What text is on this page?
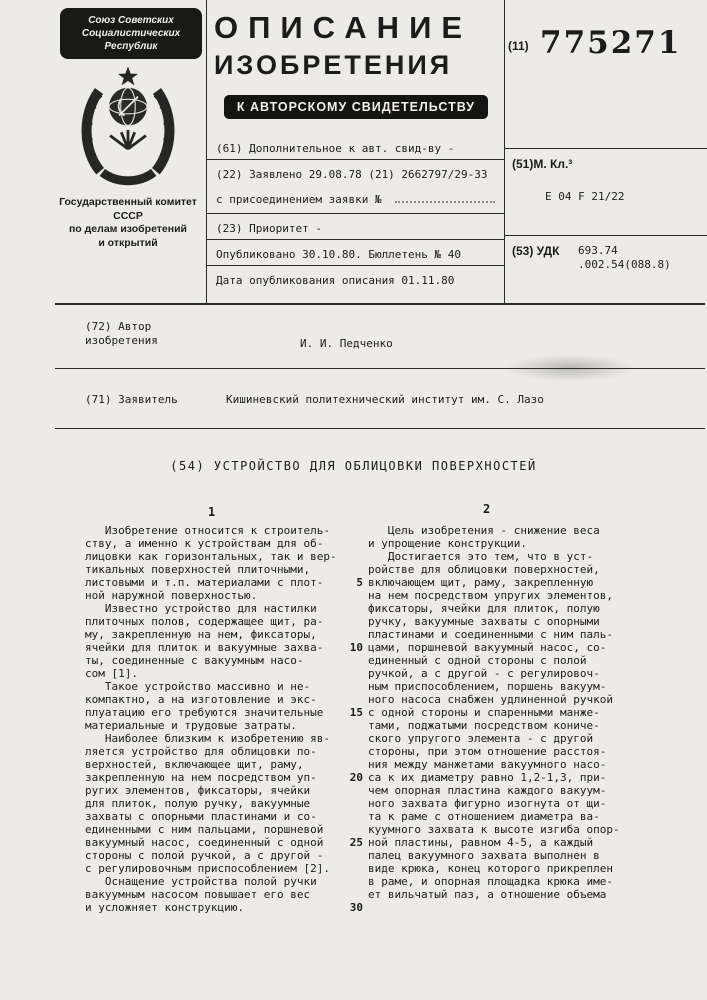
Союз Советских
Социалистических
Республик
Государственный комитет
СССР
по делам изобретений
и открытий
ОПИСАНИЕ
ИЗОБРЕТЕНИЯ
К АВТОРСКОМУ СВИДЕТЕЛЬСТВУ
(11) 775271
(61) Дополнительное к авт. свид-ву -
(22) Заявлено 29.08.78 (21) 2662797/29-33
с присоединением заявки №
(23) Приоритет -
Опубликовано 30.10.80. Бюллетень № 40
Дата опубликования описания 01.11.80
(51)М. Кл.³
E 04 F 21/22
(53) УДК 693.74
.002.54(088.8)
(72) Автор
изобретения	И. И. Педченко
(71) Заявитель	Кишиневский политехнический институт им. С. Лазо
(54) УСТРОЙСТВО ДЛЯ ОБЛИЦОВКИ ПОВЕРХНОСТЕЙ
1	2
Изобретение относится к строитель-
ству, а именно к устройствам для об-
лицовки как горизонтальных, так и вер-
тикальных поверхностей плиточными,
листовыми и т.п. материалами с плот-
ной наружной поверхностью.
Известно устройство для настилки
плиточных полов, содержащее щит, ра-
му, закрепленную на нем, фиксаторы,
ячейки для плиток и вакуумные захва-
ты, соединенные с вакуумным насо-
сом [1].
Такое устройство массивно и не-
компактно, а на изготовление и экс-
плуатацию его требуются значительные
материальные и трудовые затраты.
Наиболее близким к изобретению яв-
ляется устройство для облицовки по-
верхностей, включающее щит, раму,
закрепленную на нем посредством уп-
ругих элементов, фиксаторы, ячейки
для плиток, полую ручку, вакуумные
захваты с опорными пластинами и со-
единенными с ним пальцами, поршневой
вакуумный насос, соединенный с одной
стороны с полой ручкой, а с другой -
с регулировочным приспособлением [2].
Оснащение устройства полой ручки
вакуумным насосом повышает его вес
и усложняет конструкцию.

5

10

15

20

25

30
Цель изобретения - снижение веса
и упрощение конструкции.
Достигается это тем, что в уст-
ройстве для облицовки поверхностей,
включающем щит, раму, закрепленную
на нем посредством упругих элементов,
фиксаторы, ячейки для плиток, полую
ручку, вакуумные захваты с опорными
пластинами и соединенными с ним паль-
цами, поршневой вакуумный насос, со-
единенный с одной стороны с полой
ручкой, а с другой - с регулировоч-
ным приспособлением, поршень вакуум-
ного насоса снабжен удлиненной ручкой
с одной стороны и спаренными манже-
тами, поджатыми посредством кониче-
ского упругого элемента - с другой
стороны, при этом отношение расстоя-
ния между манжетами вакуумного насо-
са к их диаметру равно 1,2-1,3, при-
чем опорная пластина каждого вакуум-
ного захвата фигурно изогнута от щи-
та к раме с отношением диаметра ва-
куумного захвата к высоте изгиба опор-
ной пластины, равном 4-5, а каждый
палец вакуумного захвата выполнен в
виде крюка, конец которого прикреплен
в раме, и опорная площадка крюка име-
ет вильчатый паз, а отношение объема
